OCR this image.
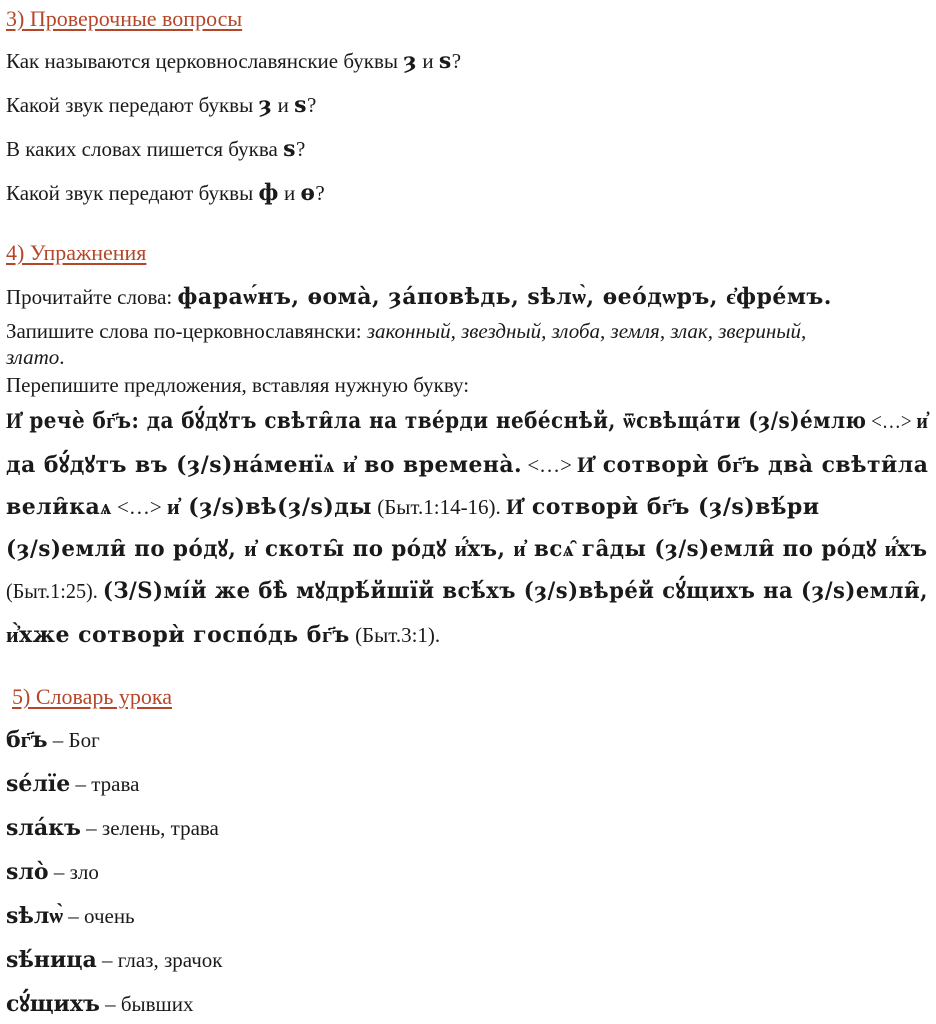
3) Проверочные вопросы
Как называются церковнославянские буквы ȝ и ѕ?
Какой звук передают буквы ȝ и ѕ?
В каких словах пишется буква ѕ?
Какой звук передают буквы ф и ѳ?
4) Упражнения
Прочитайте слова: фараѡ́нъ, ѳома̀, ȝа́повѣдь, ѕѣлѡ̀, ѳео́дѡръ, є҆фре́мъ.
Запишите слова по-церковнославянски: законный, звездный, злоба, земля, злак, звериный,
злато.
Перепишите предложения, вставляя нужную букву:
И҆ речѐ бг҃ъ: да бꙋ́дꙋтъ свѣти̑ла на тве́рди небе́снѣй, ѿсвѣща́ти (ȝ/ѕ)е́млю <…> и҆
да бꙋ́дꙋтъ въ (ȝ/ѕ)на́менїѧ и҆ во времена̀. <…> И҆ сотворѝ бг҃ъ два̀ свѣти̑ла
вели̑каѧ <…> и҆ (ȝ/ѕ)вѣ(ȝ/ѕ)ды (Быт.1:14-16). И҆ сотворѝ бг҃ъ (ȝ/ѕ)вѣ́ри
(ȝ/ѕ)емли̑ по ро́дꙋ, и҆ скоты̑ по ро́дꙋ и҆́хъ, и҆ всѧ̑ га̑ды (ȝ/ѕ)емли̑ по ро́дꙋ и҆́хъ
(Быт.1:25). (З/Ѕ)мі́й же бѣ̀ мꙋдрѣ́йшїй всѣ́хъ (ȝ/ѕ)вѣре́й сꙋ́щихъ на (ȝ/ѕ)емли̑,
и҆̀хже сотворѝ госпо́дь бг҃ъ (Быт.3:1).
5) Словарь урока
бг҃ъ – Бог
ѕе́лїе – трава
ѕла́къ – зелень, трава
ѕло̀ – зло
ѕѣлѡ̀ – очень
ѕѣ́ница – глаз, зрачок
сꙋ́щихъ – бывших
